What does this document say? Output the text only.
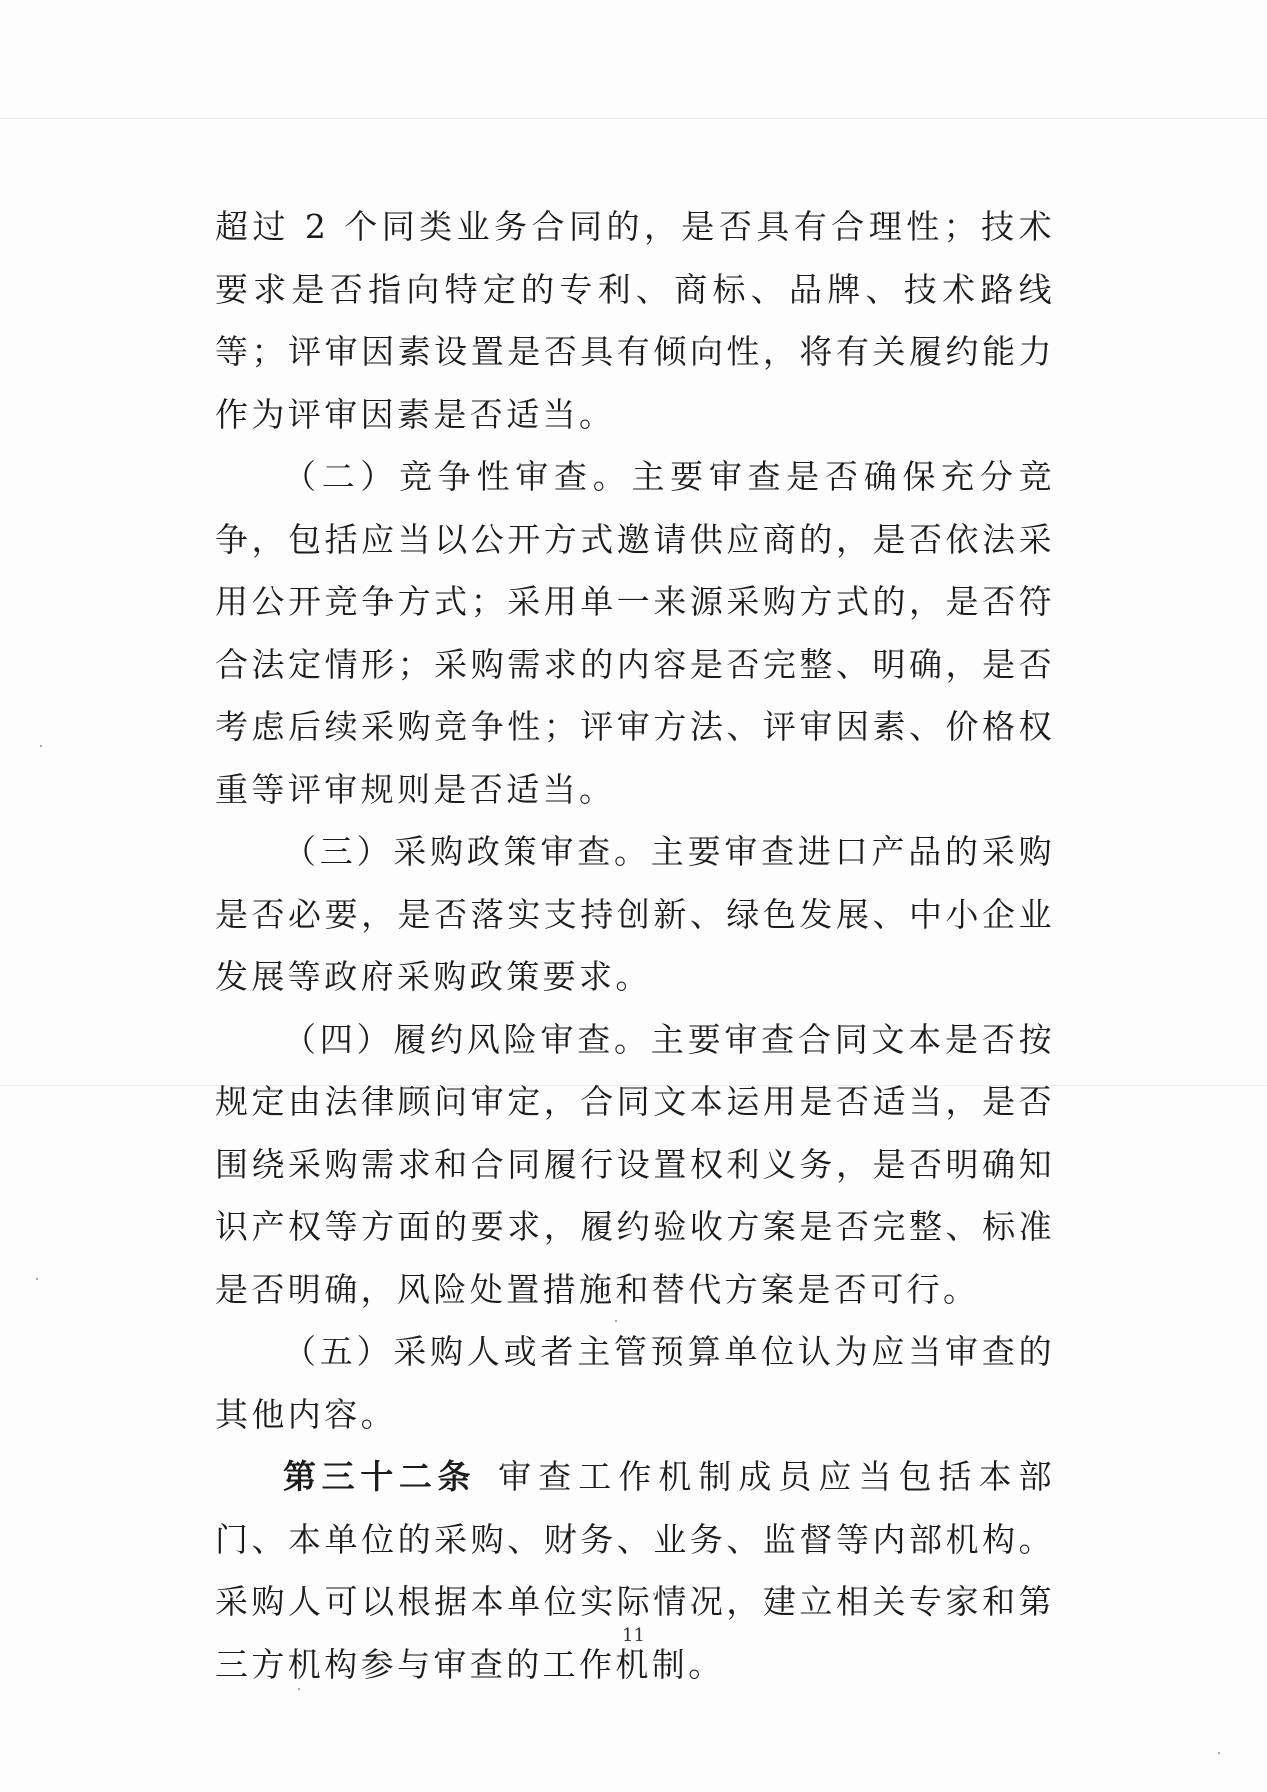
超过 2 个同类业务合同的，是否具有合理性；技术要求是否指向特定的专利、商标、品牌、技术路线等；评审因素设置是否具有倾向性，将有关履约能力作为评审因素是否适当。

（二）竞争性审查。主要审查是否确保充分竞争，包括应当以公开方式邀请供应商的，是否依法采用公开竞争方式；采用单一来源采购方式的，是否符合法定情形；采购需求的内容是否完整、明确，是否考虑后续采购竞争性；评审方法、评审因素、价格权重等评审规则是否适当。

（三）采购政策审查。主要审查进口产品的采购是否必要，是否落实支持创新、绿色发展、中小企业发展等政府采购政策要求。

（四）履约风险审查。主要审查合同文本是否按规定由法律顾问审定，合同文本运用是否适当，是否围绕采购需求和合同履行设置权利义务，是否明确知识产权等方面的要求，履约验收方案是否完整、标准是否明确，风险处置措施和替代方案是否可行。

（五）采购人或者主管预算单位认为应当审查的其他内容。

第三十二条 审查工作机制成员应当包括本部门、本单位的采购、财务、业务、监督等内部机构。采购人可以根据本单位实际情况，建立相关专家和第三方机构参与审查的工作机制。

11
